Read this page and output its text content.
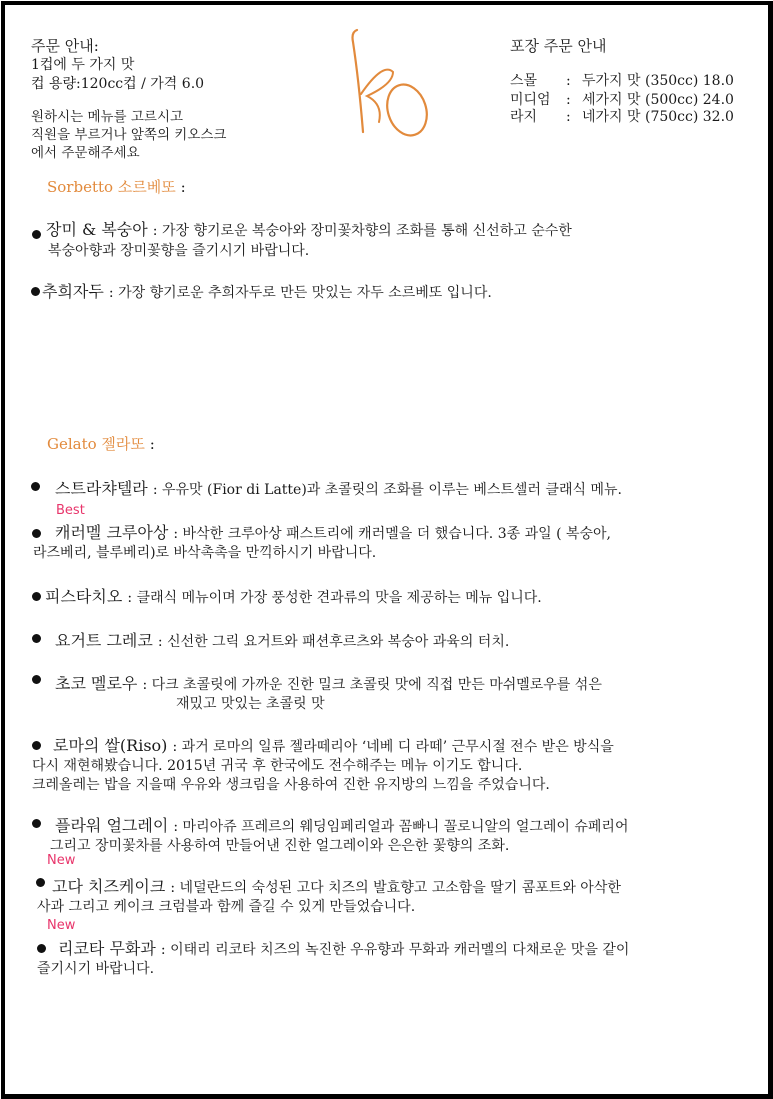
주문 안내:
1컵에 두 가지 맛
컵 용량:120cc컵 / 가격 6.0
원하시는 메뉴를 고르시고
직원을 부르거나 앞쪽의 키오스크
에서 주문해주세요
포장 주문 안내
스몰 : 두가지 맛 (350cc) 18.0
미디엄 : 세가지 맛 (500cc) 24.0
라지 : 네가지 맛 (750cc) 32.0
Sorbetto 소르베또 :
장미 & 복숭아 : 가장 향기로운 복숭아와 장미꽃차향의 조화를 통해 신선하고 순수한
복숭아향과 장미꽃향을 즐기시기 바랍니다.
추희자두 : 가장 향기로운 추희자두로 만든 맛있는 자두 소르베또 입니다.
Gelato 젤라또 :
스트라챠텔라 : 우유맛 (Fior di Latte)과 초콜릿의 조화를 이루는 베스트셀러 클래식 메뉴.
Best
캐러멜 크루아상 : 바삭한 크루아상 패스트리에 캐러멜을 더 했습니다. 3종 과일 ( 복숭아,
라즈베리, 블루베리)로 바삭촉촉을 만끽하시기 바랍니다.
피스타치오 : 클래식 메뉴이며 가장 풍성한 견과류의 맛을 제공하는 메뉴 입니다.
요거트 그레코 : 신선한 그릭 요거트와 패션후르츠와 복숭아 과육의 터치.
초코 멜로우 : 다크 초콜릿에 가까운 진한 밀크 초콜릿 맛에 직접 만든 마쉬멜로우를 섞은
재밌고 맛있는 초콜릿 맛
로마의 쌀(Riso) : 과거 로마의 일류 젤라떼리아 ‘네베 디 라떼’ 근무시절 전수 받은 방식을
다시 재현해봤습니다. 2015년 귀국 후 한국에도 전수해주는 메뉴 이기도 합니다.
크레올레는 밥을 지을때 우유와 생크림을 사용하여 진한 유지방의 느낌을 주었습니다.
플라워 얼그레이 : 마리아쥬 프레르의 웨딩임페리얼과 꼼빠니 꼴로니알의 얼그레이 슈페리어
그리고 장미꽃차를 사용하여 만들어낸 진한 얼그레이와 은은한 꽃향의 조화.
New
고다 치즈케이크 : 네덜란드의 숙성된 고다 치즈의 발효향고 고소함을 딸기 콤포트와 아삭한
사과 그리고 케이크 크럼블과 함께 즐길 수 있게 만들었습니다.
New
리코타 무화과 : 이태리 리코타 치즈의 녹진한 우유향과 무화과 캐러멜의 다채로운 맛을 같이
즐기시기 바랍니다.
